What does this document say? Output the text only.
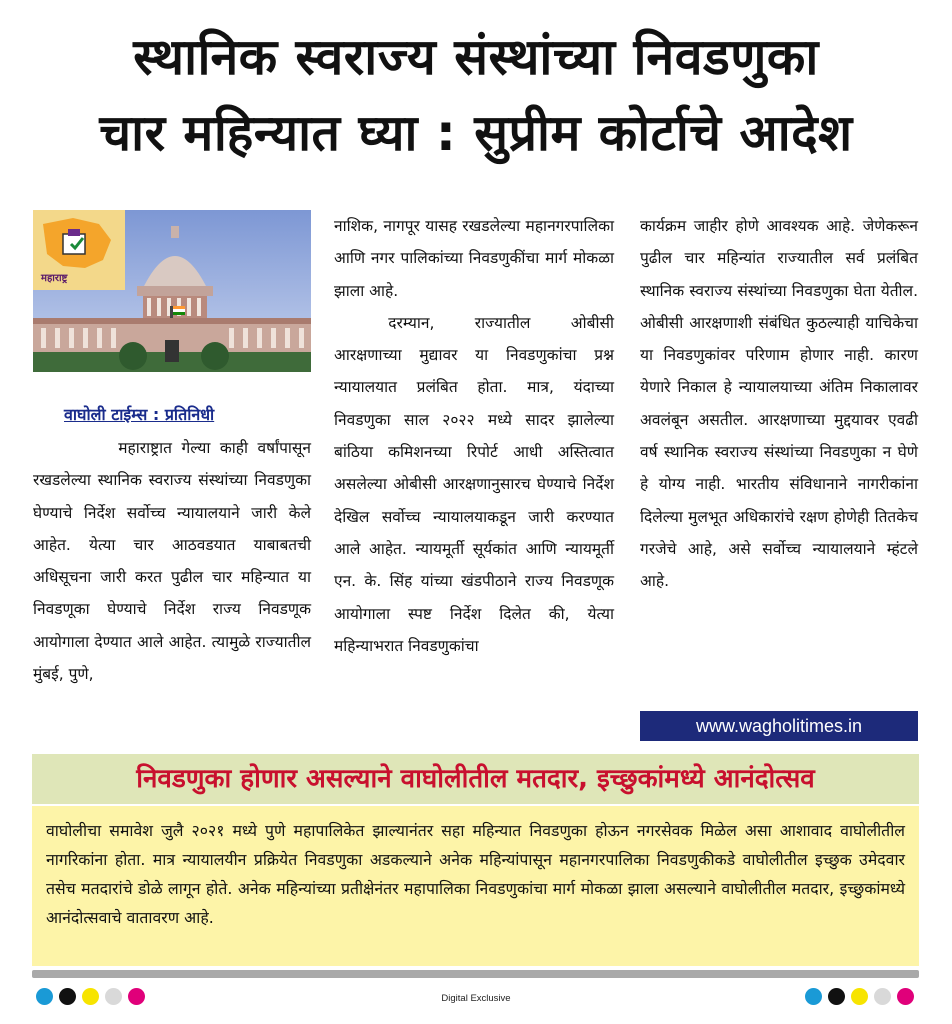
स्थानिक स्वराज्य संस्थांच्या निवडणुका
चार महिन्यात घ्या : सुप्रीम कोर्टाचे आदेश
महाराष्ट्र
वाघोली टाईम्स : प्रतिनिधी

महाराष्ट्रात गेल्या काही वर्षांपासून रखडलेल्या स्थानिक स्वराज्य संस्थांच्या निवडणुका घेण्याचे निर्देश सर्वोच्च न्यायालयाने जारी केले आहेत. येत्या चार आठवडयात याबाबतची अधिसूचना जारी करत पुढील चार महिन्यात या निवडणूका घेण्याचे निर्देश राज्य निवडणूक आयोगाला देण्यात आले आहेत. त्यामुळे राज्यातील मुंबई, पुणे,

नाशिक, नागपूर यासह रखडलेल्या महानगरपालिका आणि नगर पालिकांच्या निवडणुकींचा मार्ग मोकळा झाला आहे.

दरम्यान, राज्यातील ओबीसी आरक्षणाच्या मुद्यावर या निवडणुकांचा प्रश्न न्यायालयात प्रलंबित होता. मात्र, यंदाच्या निवडणुका साल २०२२ मध्ये सादर झालेल्या बांठिया कमिशनच्या रिपोर्ट आधी अस्तित्वात असलेल्या ओबीसी आरक्षणानुसारच घेण्याचे निर्देश देखिल सर्वोच्च न्यायालयाकडून जारी करण्यात आले आहेत. न्यायमूर्ती सूर्यकांत आणि न्यायमूर्ती एन. के. सिंह यांच्या खंडपीठाने राज्य निवडणूक आयोगाला स्पष्ट निर्देश दिलेत की, येत्या महिन्याभरात निवडणुकांचा

कार्यक्रम जाहीर होणे आवश्यक आहे. जेणेकरून पुढील चार महिन्यांत राज्यातील सर्व प्रलंबित स्थानिक स्वराज्य संस्थांच्या निवडणुका घेता येतील. ओबीसी आरक्षणाशी संबंधित कुठल्याही याचिकेचा या निवडणुकांवर परिणाम होणार नाही. कारण येणारे निकाल हे न्यायालयाच्या अंतिम निकालावर अवलंबून असतील. आरक्षणाच्या मुद्दयावर एवढी वर्ष स्थानिक स्वराज्य संस्थांच्या निवडणुका न घेणे हे योग्य नाही. भारतीय संविधानाने नागरीकांना दिलेल्या मुलभूत अधिकारांचे रक्षण होणेही तितकेच गरजेचे आहे, असे सर्वोच्च न्यायालयाने म्हंटले आहे.

www.wagholitimes.in
निवडणुका होणार असल्याने वाघोलीतील मतदार, इच्छुकांमध्ये आनंदोत्सव

वाघोलीचा समावेश जुलै २०२१ मध्ये पुणे महापालिकेत झाल्यानंतर सहा महिन्यात निवडणुका होऊन नगरसेवक मिळेल असा आशावाद वाघोलीतील नागरिकांना होता. मात्र न्यायालयीन प्रक्रियेत निवडणुका अडकल्याने अनेक महिन्यांपासून महानगरपालिका निवडणुकीकडे वाघोलीतील इच्छुक उमेदवार तसेच मतदारांचे डोळे लागून होते. अनेक महिन्यांच्या प्रतीक्षेनंतर महापालिका निवडणुकांचा मार्ग मोकळा झाला असल्याने वाघोलीतील मतदार, इच्छुकांमध्ये आनंदोत्सवाचे वातावरण आहे.

Digital Exclusive
